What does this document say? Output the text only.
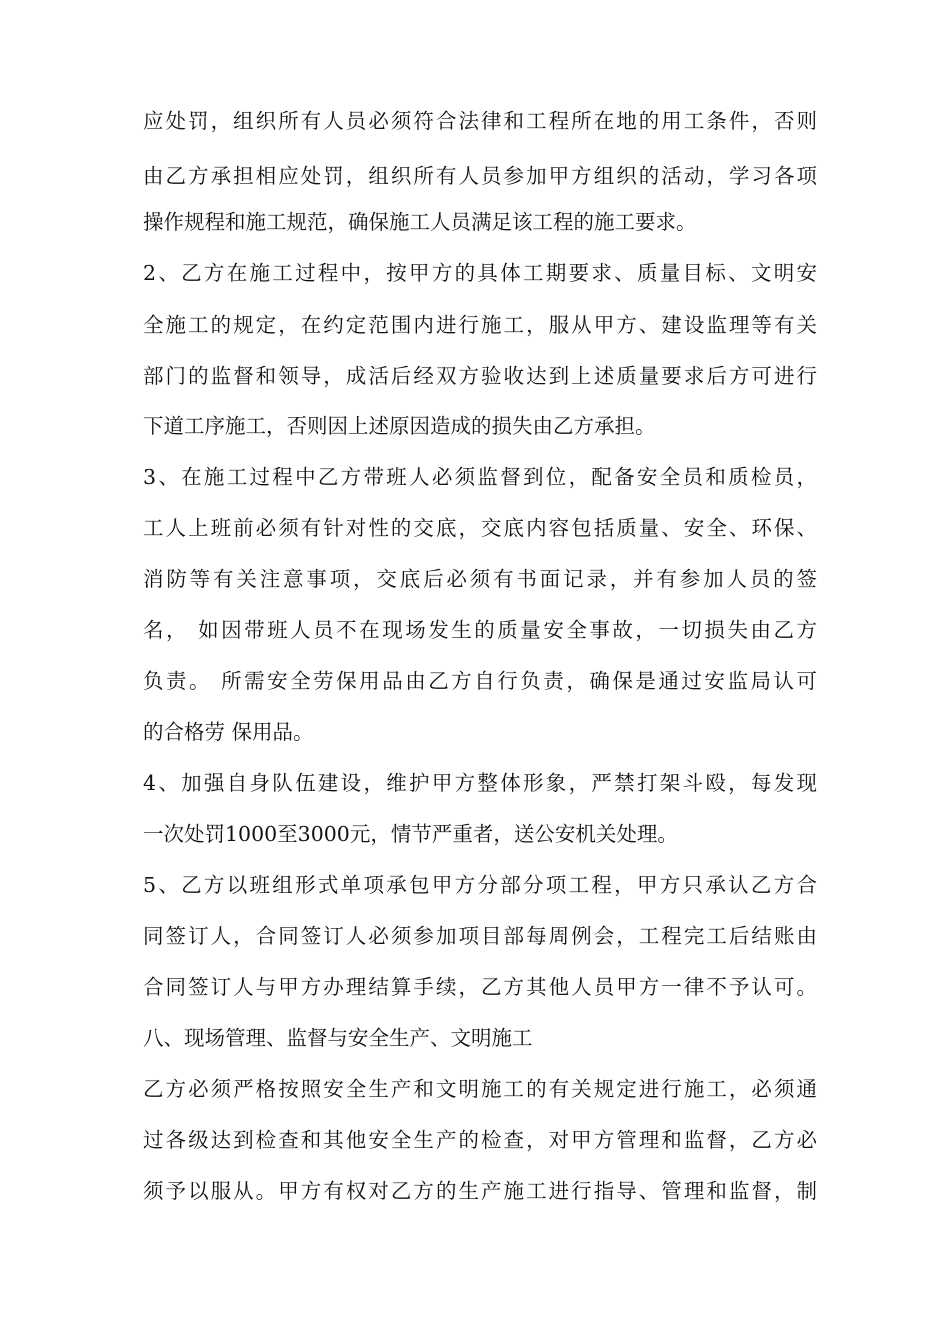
应处罚，组织所有人员必须符合法律和工程所在地的用工条件，否则

由乙方承担相应处罚，组织所有人员参加甲方组织的活动，学习各项

操作规程和施工规范，确保施工人员满足该工程的施工要求。

2、乙方在施工过程中，按甲方的具体工期要求、质量目标、文明安

全施工的规定，在约定范围内进行施工，服从甲方、建设监理等有关

部门的监督和领导，成活后经双方验收达到上述质量要求后方可进行

下道工序施工，否则因上述原因造成的损失由乙方承担。

3、在施工过程中乙方带班人必须监督到位，配备安全员和质检员，

工人上班前必须有针对性的交底，交底内容包括质量、安全、环保、

消防等有关注意事项，交底后必须有书面记录，并有参加人员的签

名， 如因带班人员不在现场发生的质量安全事故，一切损失由乙方

负责。 所需安全劳保用品由乙方自行负责，确保是通过安监局认可

的合格劳 保用品。

4、加强自身队伍建设，维护甲方整体形象，严禁打架斗殴，每发现

一次处罚1000至3000元，情节严重者，送公安机关处理。

5、乙方以班组形式单项承包甲方分部分项工程，甲方只承认乙方合

同签订人，合同签订人必须参加项目部每周例会，工程完工后结账由

合同签订人与甲方办理结算手续，乙方其他人员甲方一律不予认可。

八、现场管理、监督与安全生产、文明施工

乙方必须严格按照安全生产和文明施工的有关规定进行施工，必须通

过各级达到检查和其他安全生产的检查，对甲方管理和监督，乙方必

须予以服从。甲方有权对乙方的生产施工进行指导、管理和监督，制
